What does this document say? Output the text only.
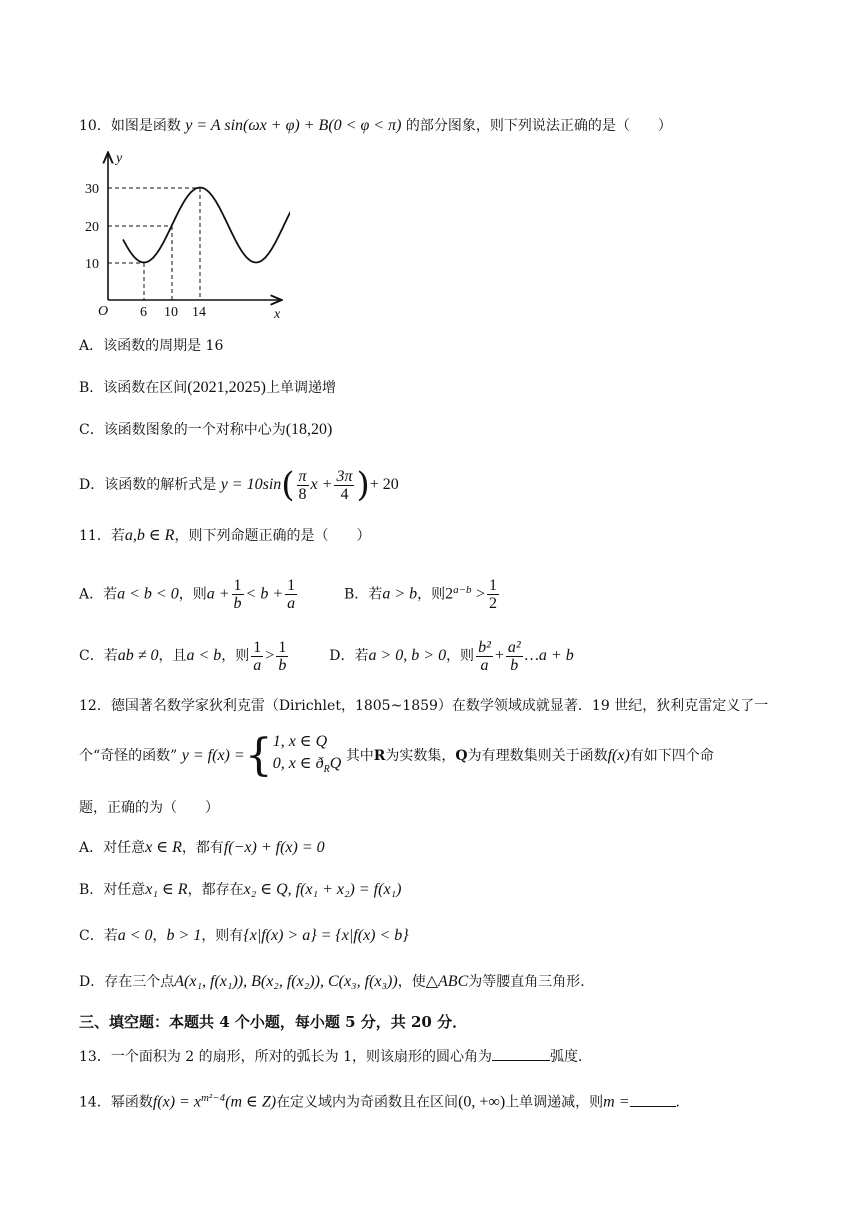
10．如图是函数 y = A sin(ωx + φ) + B(0 < φ < π) 的部分图象，则下列说法正确的是（　　）
y
x
O
10
20
30
6 10 14
A．该函数的周期是 16
B．该函数在区间(2021,2025)上单调递增
C．该函数图象的一个对称中心为(18,20)
D．该函数的解析式是 $y = 10\sin( \frac{\pi}{8}$ $x + \frac{3\pi}{4}$ )+ 20
11．若a,b ∈ R，则下列命题正确的是（　　）
A．若a < b < 0，则$a + \frac{1}{b} < b + \frac{1}{a}$	B．若a > b，则$2^{a-b} > \frac{1}{2}$
C．若ab ≠ 0，且a < b，则 $\frac{1}{a} > \frac{1}{b}$	D．若a > 0, b > 0，则 $\frac{\text{b²}}{a} + \frac{\text{a²}}{b}$ …a + b
12．德国著名数学家狄利克雷（Dirichlet，1805~1859）在数学领域成就显著．19 世纪，狄利克雷定义了一
个“奇怪的函数” y = f(x) ={ 1, x ∈ Q
0, x ∈ $ð_RQ$ 其中R为实数集，Q为有理数集则关于函数f(x)有如下四个命
题，正确的为（　　）
A．对任意x ∈ R，都有f(−x) + f(x) = 0
B．对任意x₁ ∈ R，都存在x₂ ∈ Q, f(x₁ + x₂) = f(x₁)
C．若a < 0，b > 1，则有{x|f(x) > a} = {x|f(x) < b}
D．存在三个点A(x₁, f(x₁)), B(x₂, f(x₂)), C(x₃, f(x₃))，使△ABC为等腰直角三角形．
三、填空题：本题共 4 个小题，每小题 5 分，共 20 分．
13．一个面积为 2 的扇形，所对的弧长为 1，则该扇形的圆心角为	弧度．
14．幂函数$f(x) = x^{m^2-4}(m$ ∈ Z)在定义域内为奇函数且在区间(0, +∞)上单调递减，则m =	．
